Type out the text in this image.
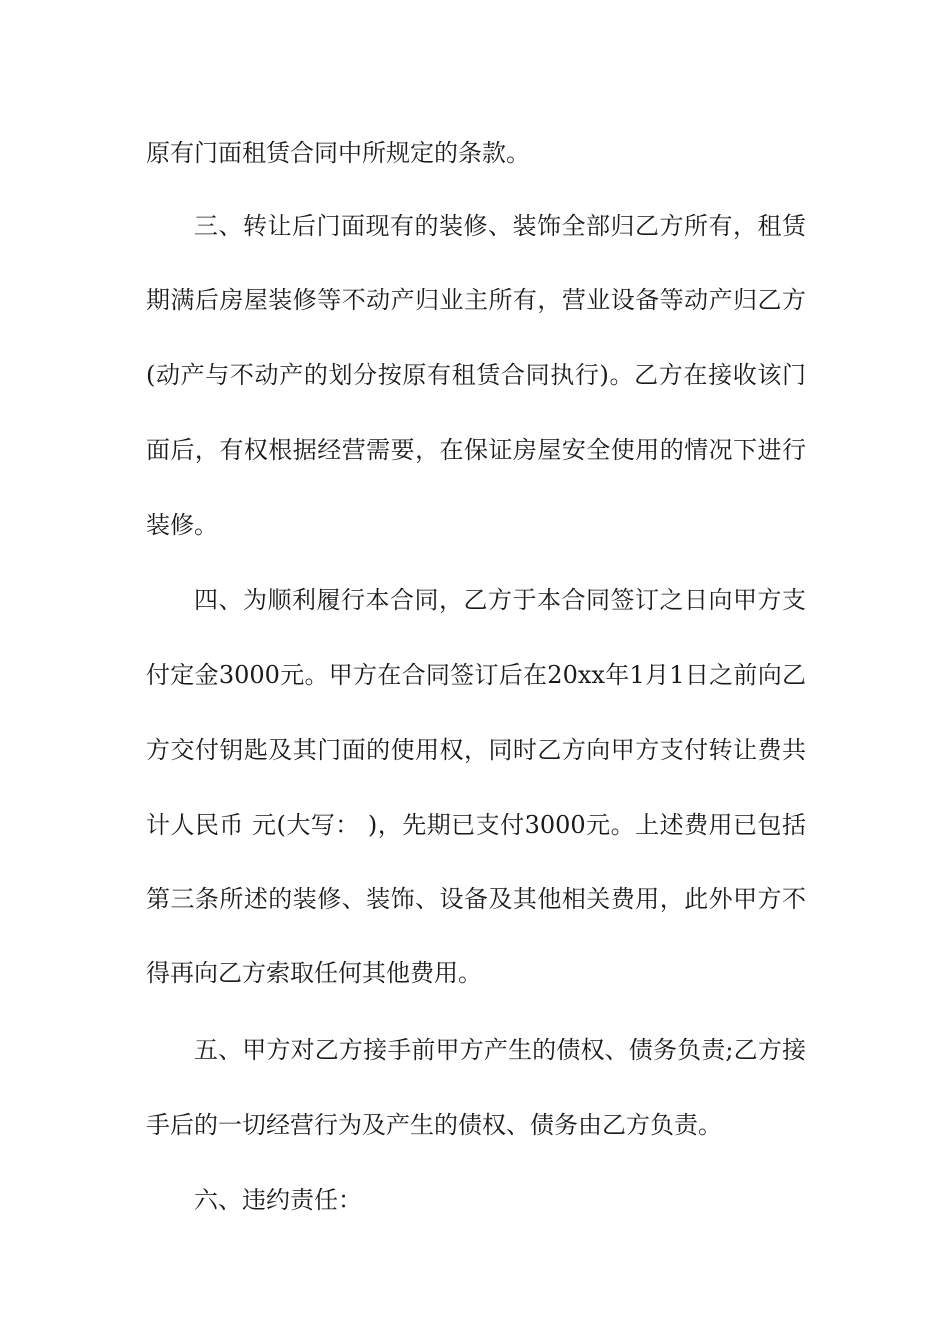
原有门面租赁合同中所规定的条款。
三、转让后门面现有的装修、装饰全部归乙方所有，租赁
期满后房屋装修等不动产归业主所有，营业设备等动产归乙方
(动产与不动产的划分按原有租赁合同执行)。乙方在接收该门
面后，有权根据经营需要，在保证房屋安全使用的情况下进行
装修。
四、为顺利履行本合同，乙方于本合同签订之日向甲方支
付定金3000元。甲方在合同签订后在20xx年1月1日之前向乙
方交付钥匙及其门面的使用权，同时乙方向甲方支付转让费共
计人民币 元(大写： )，先期已支付3000元。上述费用已包括
第三条所述的装修、装饰、设备及其他相关费用，此外甲方不
得再向乙方索取任何其他费用。
五、甲方对乙方接手前甲方产生的债权、债务负责;乙方接
手后的一切经营行为及产生的债权、债务由乙方负责。
六、违约责任：
